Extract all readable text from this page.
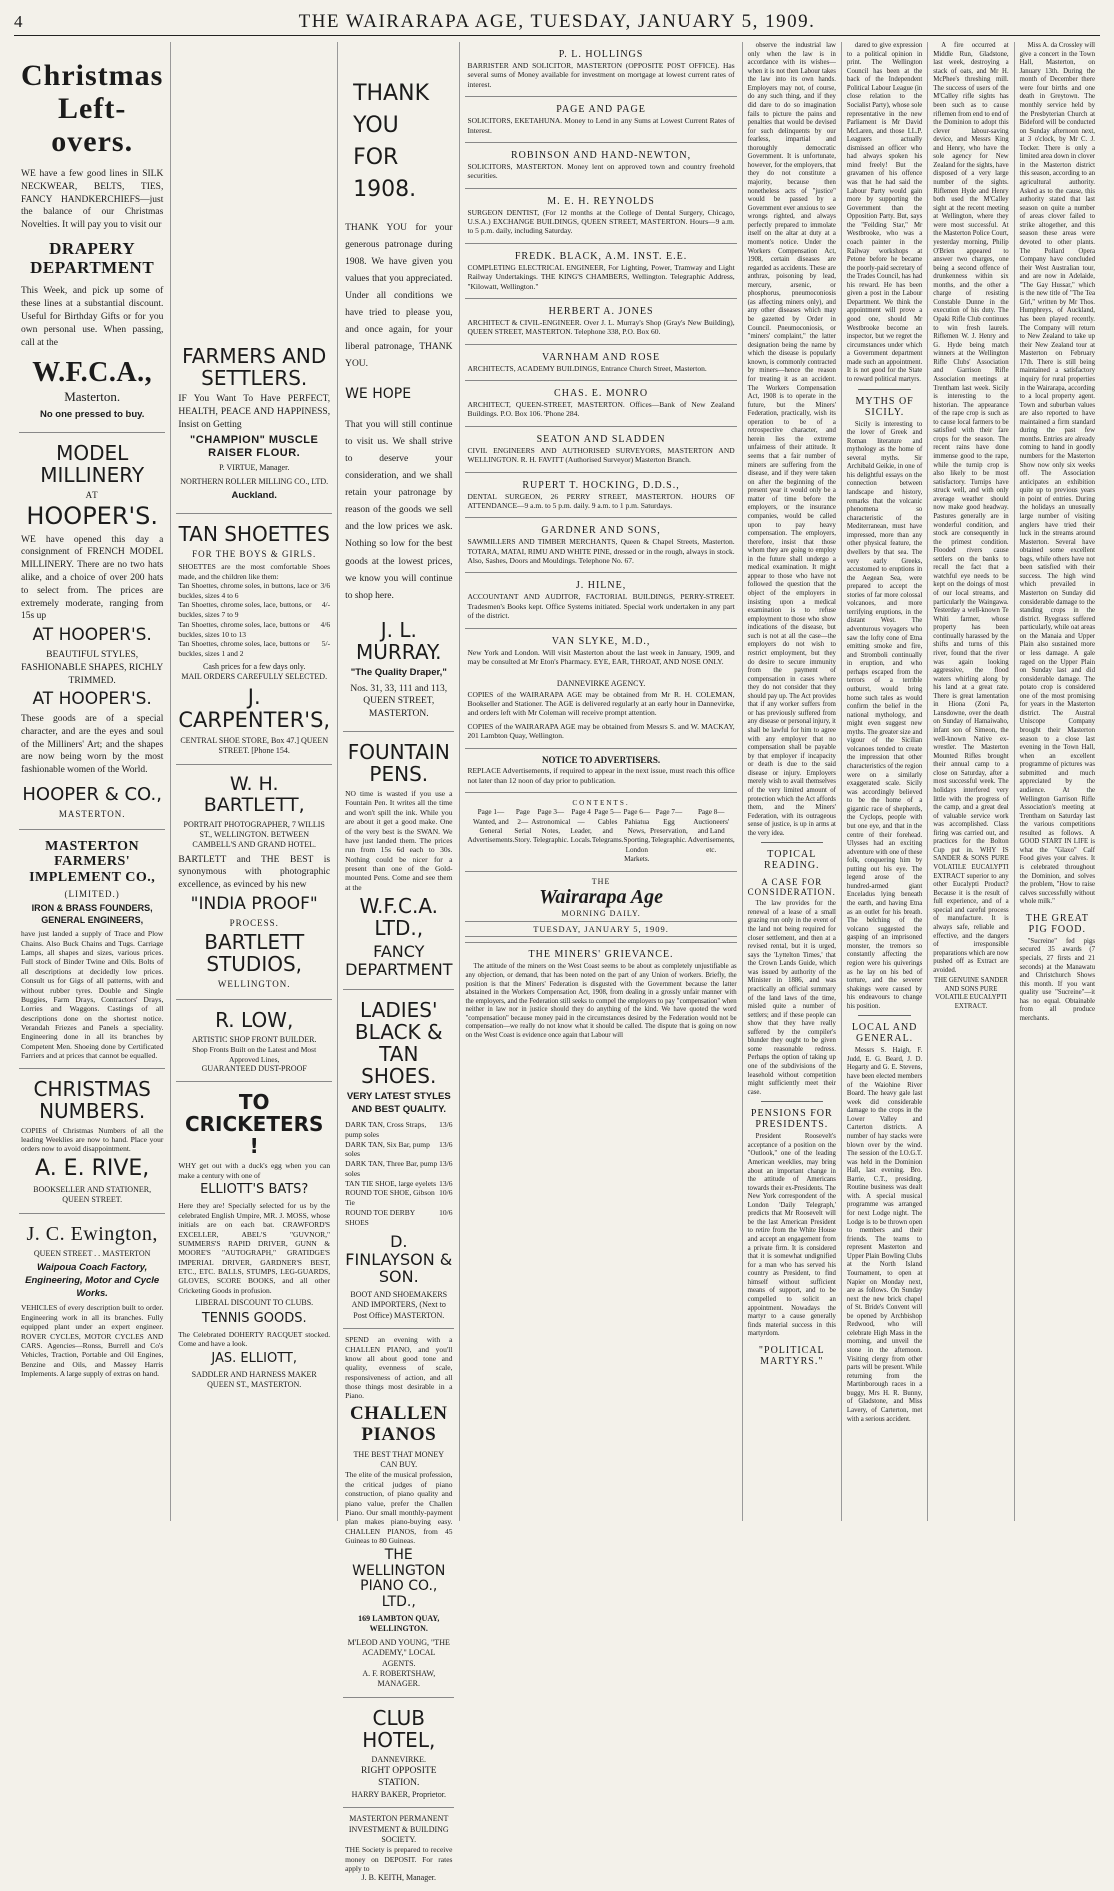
4	THE WAIRARAPA AGE, TUESDAY, JANUARY 5, 1909.
Christmas Left-overs.
WE have a few good lines in SILK NECKWEAR, BELTS, TIES, FANCY HANDKERCHIEFS—just the balance of our Christmas Novelties. It will pay you to visit our
DRAPERY DEPARTMENT
This Week, and pick up some of these lines at a substantial discount. Useful for Birthday Gifts or for you own personal use. When passing, call at the
W.F.C.A., Masterton.
No one pressed to buy.
MODEL MILLINERY
AT
HOOPER'S.
WE have opened this day a consignment of FRENCH MODEL MILLINERY. There are no two hats alike, and a choice of over 200 hats to select from. The prices are extremely moderate, ranging from 15s up
AT HOOPER'S.
BEAUTIFUL STYLES, FASHIONABLE SHAPES, RICHLY TRIMMED.
AT HOOPER'S.
These goods are of a special character, and are the eyes and soul of the Milliners' Art; and the shapes are now being worn by the most fashionable women of the World.
HOOPER & CO.,
MASTERTON.
MASTERTON FARMERS' IMPLEMENT CO.,
(LIMITED.)
IRON & BRASS FOUNDERS, GENERAL ENGINEERS,
have just landed a supply of Trace and Plow Chains. Also Buck Chains and Tugs. Carriage Lamps, all shapes and sizes, various prices. Full stock of Binder Twine and Oils. Bolts of all descriptions at decidedly low prices. Consult us for Gigs of all patterns, with and without rubber tyres. Double and Single Buggies, Farm Drays, Contractors' Drays, Lorries and Waggons. Castings of all descriptions done on the shortest notice. Verandah Friezes and Panels a speciality. Engineering done in all its branches by Competent Men. Shoeing done by Certificated Farriers and at prices that cannot be equalled.
CHRISTMAS NUMBERS.
COPIES of Christmas Numbers of all the leading Weeklies are now to hand. Place your orders now to avoid disappointment.
A. E. RIVE,
BOOKSELLER AND STATIONER, QUEEN STREET.
J. C. Ewington,
QUEEN STREET . . MASTERTON
Waipoua Coach Factory, Engineering, Motor and Cycle Works.
VEHICLES of every description built to order. Engineering work in all its branches. Fully equipped plant under an expert engineer. ROVER CYCLES, MOTOR CYCLES AND CARS. Agencies—Ronss, Burrell and Co's Vehicles, Traction, Portable and Oil Engines, Benzine and Oils, and Massey Harris Implements. A large supply of extras on hand.
FARMERS AND SETTLERS.
IF You Want To Have PERFECT, HEALTH, PEACE AND HAPPINESS, Insist on Getting
"CHAMPION" MUSCLE RAISER FLOUR.
P. VIRTUE, Manager.
NORTHERN ROLLER MILLING CO., LTD.
Auckland.
TAN SHOETTES
FOR THE BOYS & GIRLS.
SHOETTES are the most comfortable Shoes made, and the children like them:
Tan Shoettes, chrome soles, in buttons, lace or buckles, sizes 4 to 6
3/6
Tan Shoettes, chrome soles, lace, buttons, or buckles, sizes 7 to 9
4/-
Tan Shoettes, chrome soles, lace, buttons or buckles, sizes 10 to 13
4/6
Tan Shoettes, chrome soles, lace, buttons or buckles, sizes 1 and 2
5/-
Cash prices for a few days only.
MAIL ORDERS CAREFULLY SELECTED.
J. CARPENTER'S,
CENTRAL SHOE STORE, Box 47.] QUEEN STREET. [Phone 154.
W. H. BARTLETT,
PORTRAIT PHOTOGRAPHER, 7 WILLIS ST., WELLINGTON. BETWEEN CAMBELL'S AND GRAND HOTEL.
BARTLETT and THE BEST is synonymous with photographic excellence, as evinced by his new
"INDIA PROOF"
PROCESS.
BARTLETT STUDIOS,
WELLINGTON.
R. LOW,
ARTISTIC SHOP FRONT BUILDER.
Shop Fronts Built on the Latest and Most Approved Lines,
GUARANTEED DUST-PROOF
TO CRICKETERS !
WHY get out with a duck's egg when you can make a century with one of
ELLIOTT'S BATS?
Here they are! Specially selected for us by the celebrated English Umpire, MR. J. MOSS, whose initials are on each bat. CRAWFORD'S EXCELLER, ABEL'S "GUVNOR," SUMMERS'S RAPID DRIVER, GUNN & MOORE'S "AUTOGRAPH," GRATIDGE'S IMPERIAL DRIVER, GARDNER'S BEST, ETC., ETC. BALLS, STUMPS, LEG-GUARDS, GLOVES, SCORE BOOKS, and all other Cricketing Goods in profusion.
LIBERAL DISCOUNT TO CLUBS.
TENNIS GOODS.
The Celebrated DOHERTY RACQUET stocked. Come and have a look.
JAS. ELLIOTT,
SADDLER AND HARNESS MAKER QUEEN ST., MASTERTON.
THANK YOU FOR 1908.
THANK YOU for your generous patronage during 1908. We have given you values that you appreciated. Under all conditions we have tried to please you, and once again, for your liberal patronage, THANK YOU.
WE HOPE
That you will still continue to visit us. We shall strive to deserve your consideration, and we shall retain your patronage by reason of the goods we sell and the low prices we ask. Nothing so low for the best goods at the lowest prices, we know you will continue to shop here.
J. L. MURRAY.
"The Quality Draper,"
Nos. 31, 33, 111 and 113, QUEEN STREET, MASTERTON.
FOUNTAIN PENS.
NO time is wasted if you use a Fountain Pen. It writes all the time and won't spill the ink. While you are about it get a good make. One of the very best is the SWAN. We have just landed them. The prices run from 15s 6d each to 30s. Nothing could be nicer for a present than one of the Gold-mounted Pens. Come and see them at the
W.F.C.A. LTD.,
FANCY DEPARTMENT
LADIES' BLACK & TAN SHOES.
VERY LATEST STYLES AND BEST QUALITY.
DARK TAN, Cross Straps, pump soles
13/6
DARK TAN, Six Bar, pump soles
13/6
DARK TAN, Three Bar, pump soles
13/6
TAN TIE SHOE, large eyelets 13/6
ROUND TOE SHOE, Gibson Tie
10/6
ROUND TOE DERBY SHOES
10/6
D. FINLAYSON & SON.
BOOT AND SHOEMAKERS AND IMPORTERS, (Next to Post Office) MASTERTON.
SPEND an evening with a CHALLEN PIANO, and you'll know all about good tone and quality, evenness of scale, responsiveness of action, and all those things most desirable in a Piano.
CHALLEN PIANOS
THE BEST THAT MONEY CAN BUY.
The elite of the musical profession, the critical judges of piano construction, of piano quality and piano value, prefer the Challen Piano. Our small monthly-payment plan makes piano-buying easy. CHALLEN PIANOS, from 45 Guineas to 80 Guineas.
THE WELLINGTON PIANO CO., LTD.,
169 LAMBTON QUAY, WELLINGTON.
M'LEOD AND YOUNG, "THE ACADEMY," LOCAL AGENTS.
A. F. ROBERTSHAW, MANAGER.
CLUB HOTEL,
DANNEVIRKE.
RIGHT OPPOSITE STATION.
HARRY BAKER, Proprietor.
MASTERTON PERMANENT INVESTMENT & BUILDING SOCIETY.
THE Society is prepared to receive money on DEPOSIT. For rates apply to
J. B. KEITH, Manager.
P. L. HOLLINGS
BARRISTER AND SOLICITOR, MASTERTON (OPPOSITE POST OFFICE). Has several sums of Money available for investment on mortgage at lowest current rates of interest.
PAGE AND PAGE
SOLICITORS, EKETAHUNA. Money to Lend in any Sums at Lowest Current Rates of Interest.
ROBINSON AND HAND-NEWTON,
SOLICITORS, MASTERTON. Money lent on approved town and country freehold securities.
M. E. H. REYNOLDS
SURGEON DENTIST, (For 12 months at the College of Dental Surgery, Chicago, U.S.A.) EXCHANGE BUILDINGS, QUEEN STREET, MASTERTON. Hours—9 a.m. to 5 p.m. daily, including Saturday.
FREDK. BLACK, A.M. INST. E.E.
COMPLETING ELECTRICAL ENGINEER, For Lighting, Power, Tramway and Light Railway Undertakings. THE KING'S CHAMBERS, Wellington. Telegraphic Address, "Kilowatt, Wellington."
HERBERT A. JONES
ARCHITECT & CIVIL-ENGINEER. Over J. L. Murray's Shop (Gray's New Building), QUEEN STREET, MASTERTON. Telephone 338, P.O. Box 60.
VARNHAM AND ROSE
ARCHITECTS, ACADEMY BUILDINGS, Entrance Church Street, Masterton.
CHAS. E. MONRO
ARCHITECT, QUEEN-STREET, MASTERTON. Offices—Bank of New Zealand Buildings. P.O. Box 106. 'Phone 284.
SEATON AND SLADDEN
CIVIL ENGINEERS AND AUTHORISED SURVEYORS, MASTERTON AND WELLINGTON. R. H. FAVITT (Authorised Surveyor) Masterton Branch.
RUPERT T. HOCKING, D.D.S.,
DENTAL SURGEON, 26 PERRY STREET, MASTERTON. HOURS OF ATTENDANCE—9 a.m. to 5 p.m. daily. 9 a.m. to 1 p.m. Saturdays.
GARDNER AND SONS,
SAWMILLERS AND TIMBER MERCHANTS, Queen & Chapel Streets, Masterton. TOTARA, MATAI, RIMU AND WHITE PINE, dressed or in the rough, always in stock. Also, Sashes, Doors and Mouldings. Telephone No. 67.
J. HILNE,
ACCOUNTANT AND AUDITOR, FACTORIAL BUILDINGS, PERRY-STREET. Tradesmen's Books kept. Office Systems initiated. Special work undertaken in any part of the district.
VAN SLYKE, M.D.,
New York and London. Will visit Masterton about the last week in January, 1909, and may be consulted at Mr Eton's Pharmacy. EYE, EAR, THROAT, AND NOSE ONLY.
DANNEVIRKE AGENCY.
COPIES of the WAIRARAPA AGE may be obtained from Mr R. H. COLEMAN, Bookseller and Stationer. The AGE is delivered regularly at an early hour in Dannevirke, and orders left with Mr Coleman will receive prompt attention.
COPIES of the WAIRARAPA AGE may be obtained from Messrs S. and W. MACKAY, 201 Lambton Quay, Wellington.
NOTICE TO ADVERTISERS.
REPLACE Advertisements, if required to appear in the next issue, must reach this office not later than 12 noon of day prior to publication.
CONTENTS.
Page 1—Wanted, and General Advertisements.
Page 2—Serial Story.
Page 3—Astronomical Notes, Telegraphic.
Page 4—Leader, Locals.
Page 5—Cables and Telegrams.
Page 6—Pahiatua News, Sporting, London Markets.
Page 7—Egg Preservation, Telegraphic.
Page 8—Auctioneers' and Land Advertisements, etc.
THE
Wairarapa Age
MORNING DAILY.
TUESDAY, JANUARY 5, 1909.
THE MINERS' GRIEVANCE.

The attitude of the miners on the West Coast seems to be about as completely unjustifiable as any objection, or demand, that has been noted on the part of any Union of workers. Briefly, the position is that the Miners' Federation is disgusted with the Government because the latter abstained in the Workers Compensation Act, 1908, from dealing in a grossly unfair manner with the employers, and the Federation still seeks to compel the employers to pay "compensation" when neither in law nor in justice should they do anything of the kind. We have quoted the word "compensation" because money paid in the circumstances desired by the Federation would not be compensation—we really do not know what it should be called. The dispute that is going on now on the West Coast is evidence once again that Labour will

observe the industrial law only when the law is in accordance with its wishes—when it is not then Labour takes the law into its own hands. Employers may not, of course, do any such thing, and if they did dare to do so imagination fails to picture the pains and penalties that would be devised for such delinquents by our fearless, impartial and thoroughly democratic Government. It is unfortunate, however, for the employers, that they do not constitute a majority, because then nonetheless acts of "justice" would be passed by a Government ever anxious to see wrongs righted, and always perfectly prepared to immolate itself on the altar at duty at a moment's notice. Under the Workers Compensation Act, 1908, certain diseases are regarded as accidents. These are anthrax, poisoning by lead, mercury, arsenic, or phosphorus, pneumoconiosis (as affecting miners only), and any other diseases which may be gazetted by Order in Council. Pneumoconiosis, or "miners' complaint," the latter designation being the name by which the disease is popularly known, is commonly contracted by miners—hence the reason for treating it as an accident. The Workers Compensation Act, 1908 is to operate in the future, but the Miners' Federation, practically, wish its operation to be of a retrospective character, and herein lies the extreme unfairness of their attitude. It seems that a fair number of miners are suffering from the disease, and if they were taken on after the beginning of the present year it would only be a matter of time before the employers, or the insurance companies, would be called upon to pay heavy compensation. The employers, therefore, insist that those whom they are going to employ in the future shall undergo a medical examination. It might appear to those who have not followed the question that the object of the employers in insisting upon a medical examination is to refuse employment to those who show indications of the disease, but such is not at all the case—the employers do not wish to restrict employment, but they do desire to secure immunity from the payment of compensation in cases where they do not consider that they should pay up. The Act provides that if any worker suffers from or has previously suffered from any disease or personal injury, it shall be lawful for him to agree with any employer that no compensation shall be payable by that employer if incapacity or death is due to the said disease or injury. Employers merely wish to avail themselves of the very limited amount of protection which the Act affords them, and the Miners' Federation, with its outrageous sense of justice, is up in arms at the very idea.

TOPICAL READING.
A CASE FOR CONSIDERATION.

The law provides for the renewal of a lease of a small grazing run only in the event of the land not being required for closer settlement, and then at a revised rental, but it is urged, says the 'Lyttelton Times,' that the Crown Lands Guide, which was issued by authority of the Minister in 1886, and was practically an official summary of the land laws of the time, misled quite a number of settlers; and if these people can show that they have really suffered by the compiler's blunder they ought to be given some reasonable redress. Perhaps the option of taking up one of the subdivisions of the leasehold without competition might sufficiently meet their case.

PENSIONS FOR PRESIDENTS.

President Roosevelt's acceptance of a position on the "Outlook," one of the leading American weeklies, may bring about an important change in the attitude of Americans towards their ex-Presidents. The New York correspondent of the London 'Daily Telegraph,' predicts that Mr Roosevelt will be the last American President to retire from the White House and accept an engagement from a private firm. It is considered that it is somewhat undignified for a man who has served his country as President, to find himself without sufficient means of support, and to be compelled to solicit an appointment. Nowadays the martyr to a cause generally finds material success in this martyrdom.

"POLITICAL MARTYRS."

dared to give expression to a political opinion in print. The Wellington Council has been at the back of the Independent Political Labour League (in close relation to the Socialist Party), whose sole representative in the new Parliament is Mr David McLaren, and those I.L.P. Leaguers actually dismissed an officer who had always spoken his mind freely! But the gravamen of his offence was that he had said the Labour Party would gain more by supporting the Government than the Opposition Party. But, says the "Feilding Star," Mr Westbrooke, who was a coach painter in the Railway workshops at Petone before he became the poorly-paid secretary of the Trades Council, has had his reward. He has been given a post in the Labour Department. We think the appointment will prove a good one, should Mr Westbrooke become an inspector, but we regret the circumstances under which a Government department made such an appointment. It is not good for the State to reward political martyrs.

MYTHS OF SICILY.

Sicily is interesting to the lover of Greek and Roman literature and mythology as the home of several myths. Sir Archibald Geikie, in one of his delightful essays on the connection between landscape and history, remarks that the volcanic phenomena so characteristic of the Mediterranean, must have impressed, more than any other physical feature, the dwellers by that sea. The very early Greeks, accustomed to eruptions in the Aegean Sea, were prepared to accept the stories of far more colossal volcanoes, and more terrifying eruptions, in the distant West. The adventurous voyagers who saw the lofty cone of Etna emitting smoke and fire, and Stromboli continually in eruption, and who perhaps escaped from the terrors of a terrible outburst, would bring home such tales as would confirm the belief in the national mythology, and might even suggest new myths. The greater size and vigour of the Sicilian volcanoes tended to create the impression that other characteristics of the region were on a similarly exaggerated scale. Sicily was accordingly believed to be the home of a gigantic race of shepherds, the Cyclops, people with but one eye, and that in the centre of their forehead. Ulysses had an exciting adventure with one of these folk, conquering him by putting out his eye. The legend arose of the hundred-armed giant Enceladus lying beneath the earth, and having Etna as an outlet for his breath. The belching of the volcano suggested the gasping of an imprisoned monster, the tremors so constantly affecting the region were his quiverings as he lay on his bed of torture, and the severer shakings were caused by his endeavours to change his position.

LOCAL AND GENERAL.

Messrs S. Haigh, F. Judd, E. G. Beard, J. D. Hegarty and G. E. Stevens, have been elected members of the Waiohine River Board. The heavy gale last week did considerable damage to the crops in the Lower Valley and Carterton districts. A number of hay stacks were blown over by the wind. The session of the I.O.G.T. was held in the Dominion Hall, last evening. Bro. Barrie, C.T., presiding. Routine business was dealt with. A special musical programme was arranged for next Lodge night. The Lodge is to be thrown open to members and their friends. The teams to represent Masterton and Upper Plain Bowling Clubs at the North Island Tournament, to open at Napier on Monday next, are as follows. On Sunday next the new brick chapel of St. Bride's Convent will be opened by Archbishop Redwood, who will celebrate High Mass in the morning, and unveil the stone in the afternoon. Visiting clergy from other parts will be present. While returning from the Martinborough races in a buggy, Mrs H. R. Bunny, of Gladstone, and Miss Lavery, of Carterton, met with a serious accident.

A fire occurred at Middle Run, Gladstone, last week, destroying a stack of oats, and Mr H. McPhee's threshing mill. The success of users of the M'Calley rifle sights has been such as to cause riflemen from end to end of the Dominion to adopt this clever labour-saving device, and Messrs King and Henry, who have the sole agency for New Zealand for the sights, have disposed of a very large number of the sights. Riflemen Hyde and Henry both used the M'Calley sight at the recent meeting at Wellington, where they were most successful. At the Masterton Police Court, yesterday morning, Philip O'Brien appeared to answer two charges, one being a second offence of drunkenness within six months, and the other a charge of resisting Constable Dunne in the execution of his duty. The Opaki Rifle Club continues to win fresh laurels. Riflemen W. J. Henry and G. Hyde being match winners at the Wellington Rifle Clubs' Association and Garrison Rifle Association meetings at Trentham last week. Sicily is interesting to the historian. The appearance of the rape crop is such as to cause local farmers to be satisfied with their fare crops for the season. The recent rains have done immense good to the rape, while the turnip crop is also likely to be most satisfactory. Turnips have struck well, and with only average weather should now make good headway. Pastures generally are in wonderful condition, and stock are consequently in the primest condition. Flooded rivers cause settlers on the banks to recall the fact that a watchful eye needs to be kept on the doings of most of our local streams, and particularly the Waingawa. Yesterday a well-known Te Whiti farmer, whose property has been continually harassed by the shifts and turns of this river, found that the river was again looking aggressive, the flood waters whirling along by his land at a great rate. There is great lamentation in Hiona (Zoni Pa, Lansdowne, over the death on Sunday of Hamaiwaho, infant son of Simeon, the well-known Native ex-wrestler. The Masterton Mounted Rifles brought their annual camp to a close on Saturday, after a most successful week. The holidays interfered very little with the progress of the camp, and a great deal of valuable service work was accomplished. Class firing was carried out, and practices for the Bolton Cup put in. WHY IS SANDER & SONS PURE VOLATILE EUCALYPTI EXTRACT superior to any other Eucalypti Product? Because it is the result of full experience, and of a special and careful process of manufacture. It is always safe, reliable and effective, and the dangers of irresponsible preparations which are now pushed off as Extract are avoided.

THE GENUINE SANDER AND SONS PURE VOLATILE EUCALYPTI EXTRACT.

Miss A. da Crossley will give a concert in the Town Hall, Masterton, on January 13th. During the month of December there were four births and one death in Greytown. The monthly service held by the Presbyterian Church at Bideford will be conducted on Sunday afternoon next, at 3 o'clock, by Mr C. J. Tocker. There is only a limited area down in clover in the Masterton district this season, according to an agricultural authority. Asked as to the cause, this authority stated that last season on quite a number of areas clover failed to strike altogether, and this season these areas were devoted to other plants. The Pollard Opera Company have concluded their West Australian tour, and are now in Adelaide, "The Gay Hussar," which is the new title of "The Tea Girl," written by Mr Thos. Humphreys, of Auckland, has been played recently. The Company will return to New Zealand to take up their New Zealand tour at Masterton on February 17th. There is still being maintained a satisfactory inquiry for rural properties in the Wairarapa, according to a local property agent. Town and suburban values are also reported to have maintained a firm standard during the past few months. Entries are already coming to hand in goodly numbers for the Masterton Show now only six weeks off. The Association anticipates an exhibition quite up to previous years in point of entries. During the holidays an unusually large number of visiting anglers have tried their luck in the streams around Masterton. Several have obtained some excellent bags, while others have not been satisfied with their success. The high wind which prevailed in Masterton on Sunday did considerable damage to the standing crops in the district. Ryegrass suffered particularly, while oat areas on the Manaia and Upper Plain also sustained more or less damage. A gale raged on the Upper Plain on Sunday last and did considerable damage. The potato crop is considered one of the most promising for years in the Masterton district. The Austral Uniscope Company brought their Masterton season to a close last evening in the Town Hall, when an excellent programme of pictures was submitted and much appreciated by the audience. At the Wellington Garrison Rifle Association's meeting at Trentham on Saturday last the various competitions resulted as follows. A GOOD START IN LIFE is what the "Glaxo" Calf Food gives your calves. It is celebrated throughout the Dominion, and solves the problem, "How to raise calves successfully without whole milk."

THE GREAT PIG FOOD.

"Sucreine" fed pigs secured 35 awards (7 specials, 27 firsts and 21 seconds) at the Manawatu and Christchurch Shows this month. If you want quality use "Sucreine"—it has no equal. Obtainable from all produce merchants.
